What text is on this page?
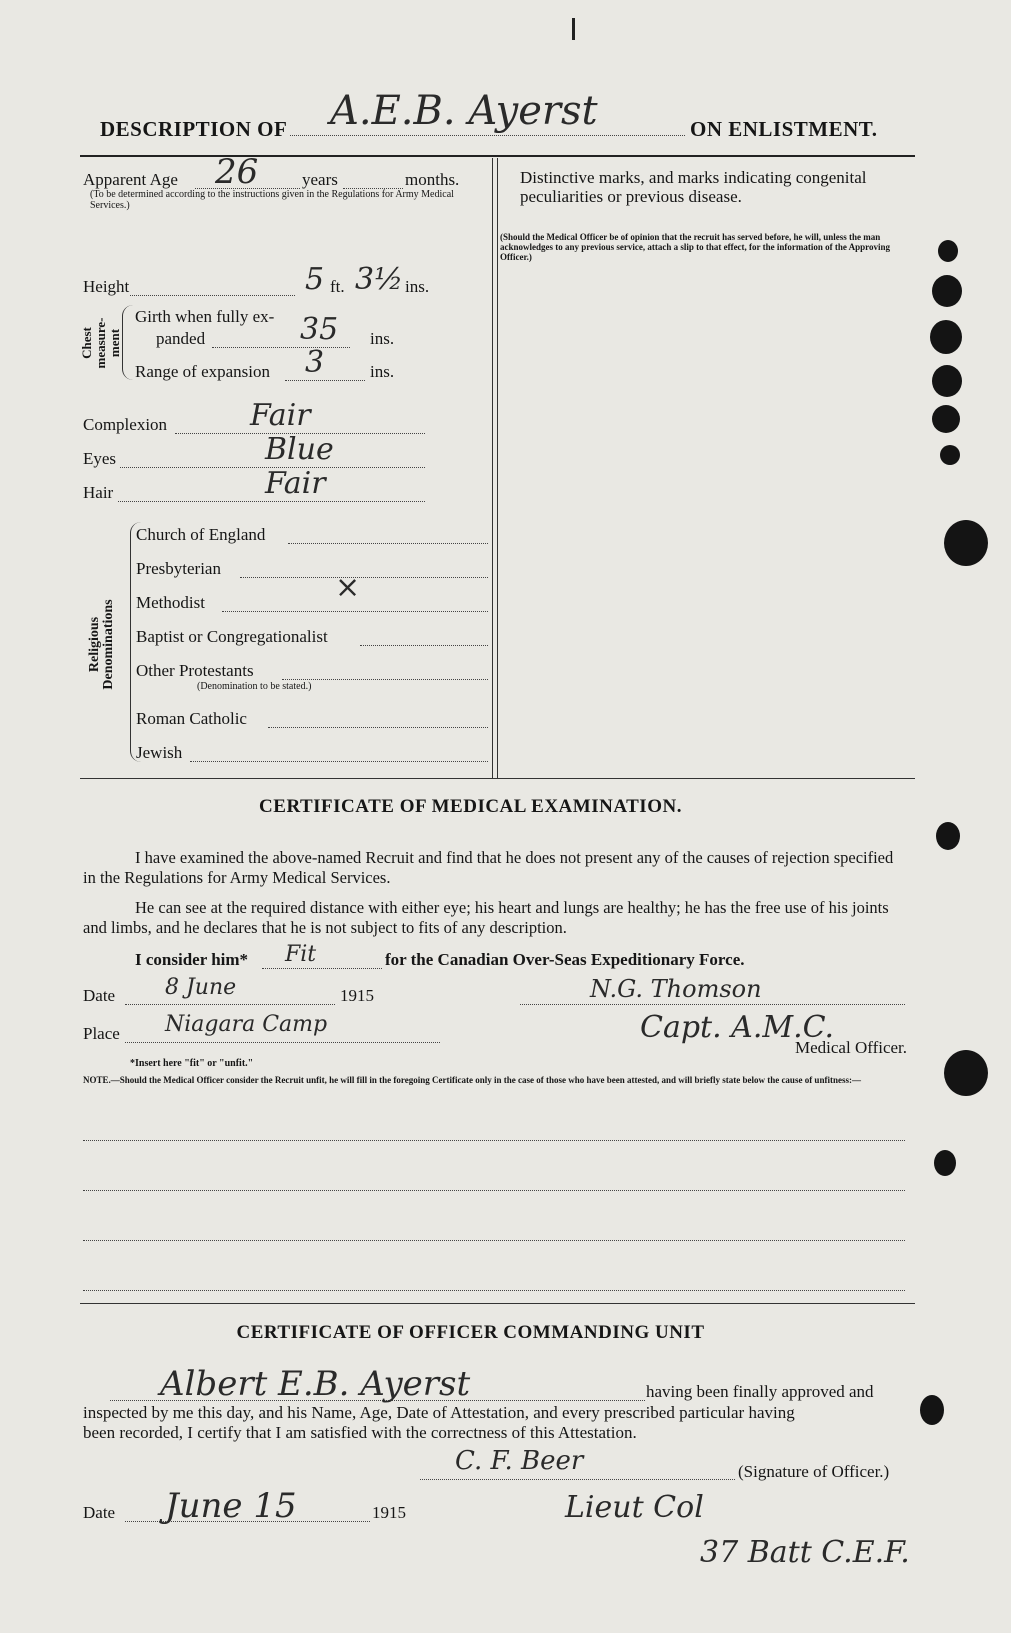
DESCRIPTION OF A.E.B. Ayerst	ON ENLISTMENT.
Apparent Age 26	years	months.
(To be determined according to the instructions given in the Regulations for Army Medical Services.)
Height	5 ft. 3½ ins.
Chest measure-ment
Girth when fully ex-
panded	35 ins.
Range of expansion 3	ins.
Complexion	Fair
Eyes	Blue
Hair	Fair
Religious Denominations
Church of England
Presbyterian
Methodist	×
Baptist or Congregationalist
Other Protestants
(Denomination to be stated.)
Roman Catholic
Jewish
Distinctive marks, and marks indicating congenital peculiarities or previous disease.
(Should the Medical Officer be of opinion that the recruit has served before, he will, unless the man acknowledges to any previous service, attach a slip to that effect, for the information of the Approving Officer.)
CERTIFICATE OF MEDICAL EXAMINATION.
I have examined the above-named Recruit and find that he does not present any of the causes of rejection specified in the Regulations for Army Medical Services.
He can see at the required distance with either eye; his heart and lungs are healthy; he has the free use of his joints and limbs, and he declares that he is not subject to fits of any description.
I consider him* Fit	for the Canadian Over-Seas Expeditionary Force.
Date 8 June	1915
Place Niagara Camp
N.G. Thomson
Capt. A.M.C.
Medical Officer.
*Insert here "fit" or "unfit."
NOTE.—Should the Medical Officer consider the Recruit unfit, he will fill in the foregoing Certificate only in the case of those who have been attested, and will briefly state below the cause of unfitness:—
CERTIFICATE OF OFFICER COMMANDING UNIT
Albert E.B. Ayerst	having been finally approved and
inspected by me this day, and his Name, Age, Date of Attestation, and every prescribed particular having
been recorded, I certify that I am satisfied with the correctness of this Attestation.
C. F. Beer	(Signature of Officer.)
Date June 15	1915	Lieut Col
37 Batt C.E.F.
